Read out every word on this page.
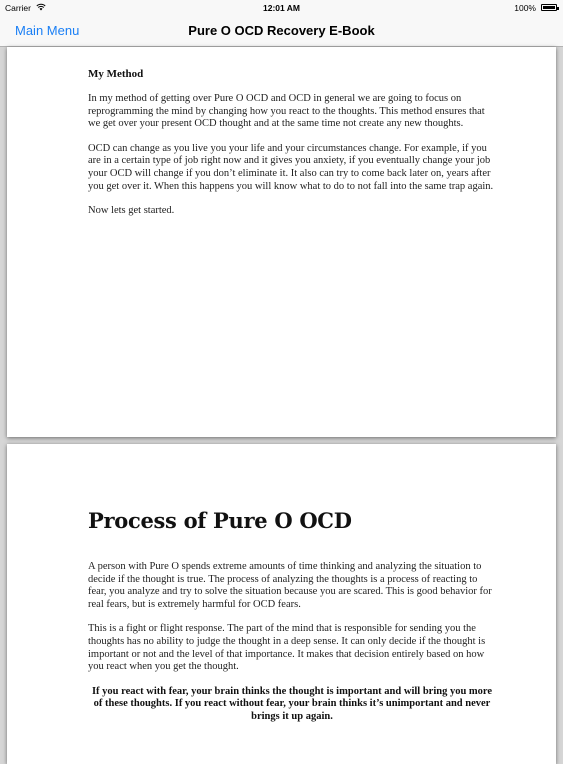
Carrier	12:01 AM	100%
Main Menu	Pure O OCD Recovery E-Book
My Method

In my method of getting over Pure O OCD and OCD in general we are going to focus on reprogramming the mind by changing how you react to the thoughts. This method ensures that we get over your present OCD thought and at the same time not create any new thoughts.

OCD can change as you live you your life and your circumstances change. For example, if you are in a certain type of job right now and it gives you anxiety, if you eventually change your job your OCD will change if you don’t eliminate it. It also can try to come back later on, years after you get over it. When this happens you will know what to do to not fall into the same trap again.

Now lets get started.

Process of Pure O OCD

A person with Pure O spends extreme amounts of time thinking and analyzing the situation to decide if the thought is true. The process of analyzing the thoughts is a process of reacting to fear, you analyze and try to solve the situation because you are scared. This is good behavior for real fears, but is extremely harmful for OCD fears.

This is a fight or flight response. The part of the mind that is responsible for sending you the thoughts has no ability to judge the thought in a deep sense. It can only decide if the thought is important or not and the level of that importance. It makes that decision entirely based on how you react when you get the thought.

If you react with fear, your brain thinks the thought is important and will bring you more of these thoughts. If you react without fear, your brain thinks it’s unimportant and never brings it up again.
